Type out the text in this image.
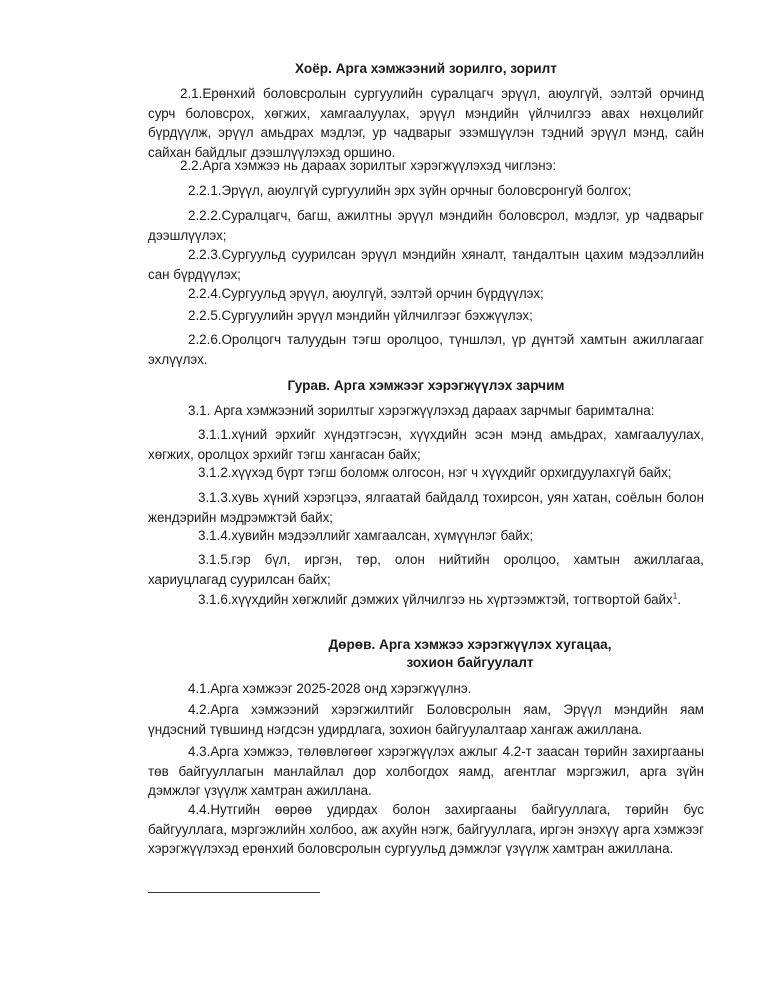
Хоёр. Арга хэмжээний зорилго, зорилт
2.1.Ерөнхий боловсролын сургуулийн суралцагч эрүүл, аюулгүй, ээлтэй орчинд сурч боловсрох, хөгжих, хамгаалуулах, эрүүл мэндийн үйлчилгээ авах нөхцөлийг бүрдүүлж, эрүүл амьдрах мэдлэг, ур чадварыг эзэмшүүлэн тэдний эрүүл мэнд, сайн сайхан байдлыг дээшлүүлэхэд оршино.
2.2.Арга хэмжээ нь дараах зорилтыг хэрэгжүүлэхэд чиглэнэ:
2.2.1.Эрүүл, аюулгүй сургуулийн эрх зүйн орчныг боловсронгуй болгох;
2.2.2.Суралцагч, багш, ажилтны эрүүл мэндийн боловсрол, мэдлэг, ур чадварыг дээшлүүлэх;
2.2.3.Сургуульд суурилсан эрүүл мэндийн хяналт, тандалтын цахим мэдээллийн сан бүрдүүлэх;
2.2.4.Сургуульд эрүүл, аюулгүй, ээлтэй орчин бүрдүүлэх;
2.2.5.Сургуулийн эрүүл мэндийн үйлчилгээг бэхжүүлэх;
2.2.6.Оролцогч талуудын тэгш оролцоо, түншлэл, үр дүнтэй хамтын ажиллагааг эхлүүлэх.
Гурав. Арга хэмжээг хэрэгжүүлэх зарчим
3.1. Арга хэмжээний зорилтыг хэрэгжүүлэхэд дараах зарчмыг баримтална:
3.1.1.хүний эрхийг хүндэтгэсэн, хүүхдийн эсэн мэнд амьдрах, хамгаалуулах, хөгжих, оролцох эрхийг тэгш хангасан байх;
3.1.2.хүүхэд бүрт тэгш боломж олгосон, нэг ч хүүхдийг орхигдуулахгүй байх;
3.1.3.хувь хүний хэрэгцээ, ялгаатай байдалд тохирсон, уян хатан, соёлын болон жендэрийн мэдрэмжтэй байх;
3.1.4.хувийн мэдээллийг хамгаалсан, хүмүүнлэг байх;
3.1.5.гэр бүл, иргэн, төр, олон нийтийн оролцоо, хамтын ажиллагаа, хариуцлагад суурилсан байх;
3.1.6.хүүхдийн хөгжлийг дэмжих үйлчилгээ нь хүртээмжтэй, тогтвортой байх$^1$.
Дөрөв. Арга хэмжээ хэрэгжүүлэх хугацаа,
зохион байгуулалт
4.1.Арга хэмжээг 2025-2028 онд хэрэгжүүлнэ.
4.2.Арга хэмжээний хэрэгжилтийг Боловсролын яам, Эрүүл мэндийн яам үндэсний түвшинд нэгдсэн удирдлага, зохион байгуулалтаар хангаж ажиллана.
4.3.Арга хэмжээ, төлөвлөгөөг хэрэгжүүлэх ажлыг 4.2-т заасан төрийн захиргааны төв байгууллагын манлайлал дор холбогдох яамд, агентлаг мэргэжил, арга зүйн дэмжлэг үзүүлж хамтран ажиллана.
4.4.Нутгийн өөрөө удирдах болон захиргааны байгууллага, төрийн бус байгууллага, мэргэжлийн холбоо, аж ахуйн нэгж, байгууллага, иргэн энэхүү арга хэмжээг хэрэгжүүлэхэд ерөнхий боловсролын сургуульд дэмжлэг үзүүлж хамтран ажиллана.
